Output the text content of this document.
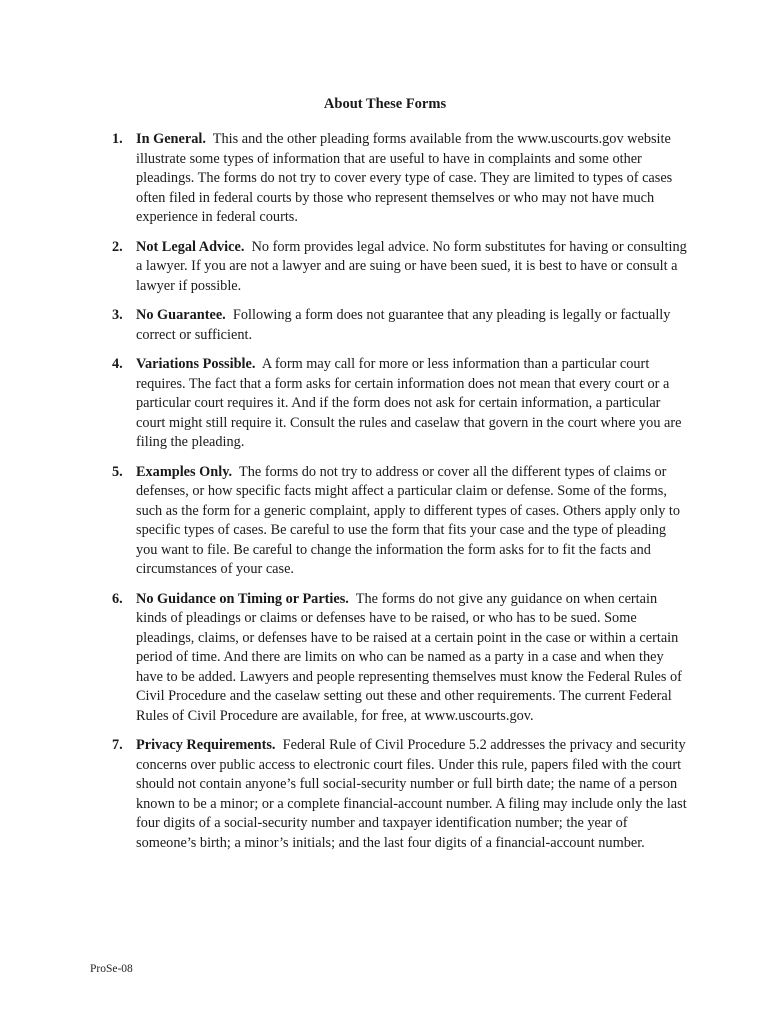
About These Forms
1. In General. This and the other pleading forms available from the www.uscourts.gov website illustrate some types of information that are useful to have in complaints and some other pleadings. The forms do not try to cover every type of case. They are limited to types of cases often filed in federal courts by those who represent themselves or who may not have much experience in federal courts.
2. Not Legal Advice. No form provides legal advice. No form substitutes for having or consulting a lawyer. If you are not a lawyer and are suing or have been sued, it is best to have or consult a lawyer if possible.
3. No Guarantee. Following a form does not guarantee that any pleading is legally or factually correct or sufficient.
4. Variations Possible. A form may call for more or less information than a particular court requires. The fact that a form asks for certain information does not mean that every court or a particular court requires it. And if the form does not ask for certain information, a particular court might still require it. Consult the rules and caselaw that govern in the court where you are filing the pleading.
5. Examples Only. The forms do not try to address or cover all the different types of claims or defenses, or how specific facts might affect a particular claim or defense. Some of the forms, such as the form for a generic complaint, apply to different types of cases. Others apply only to specific types of cases. Be careful to use the form that fits your case and the type of pleading you want to file. Be careful to change the information the form asks for to fit the facts and circumstances of your case.
6. No Guidance on Timing or Parties. The forms do not give any guidance on when certain kinds of pleadings or claims or defenses have to be raised, or who has to be sued. Some pleadings, claims, or defenses have to be raised at a certain point in the case or within a certain period of time. And there are limits on who can be named as a party in a case and when they have to be added. Lawyers and people representing themselves must know the Federal Rules of Civil Procedure and the caselaw setting out these and other requirements. The current Federal Rules of Civil Procedure are available, for free, at www.uscourts.gov.
7. Privacy Requirements. Federal Rule of Civil Procedure 5.2 addresses the privacy and security concerns over public access to electronic court files. Under this rule, papers filed with the court should not contain anyone’s full social-security number or full birth date; the name of a person known to be a minor; or a complete financial-account number. A filing may include only the last four digits of a social-security number and taxpayer identification number; the year of someone’s birth; a minor’s initials; and the last four digits of a financial-account number.
ProSe-08
